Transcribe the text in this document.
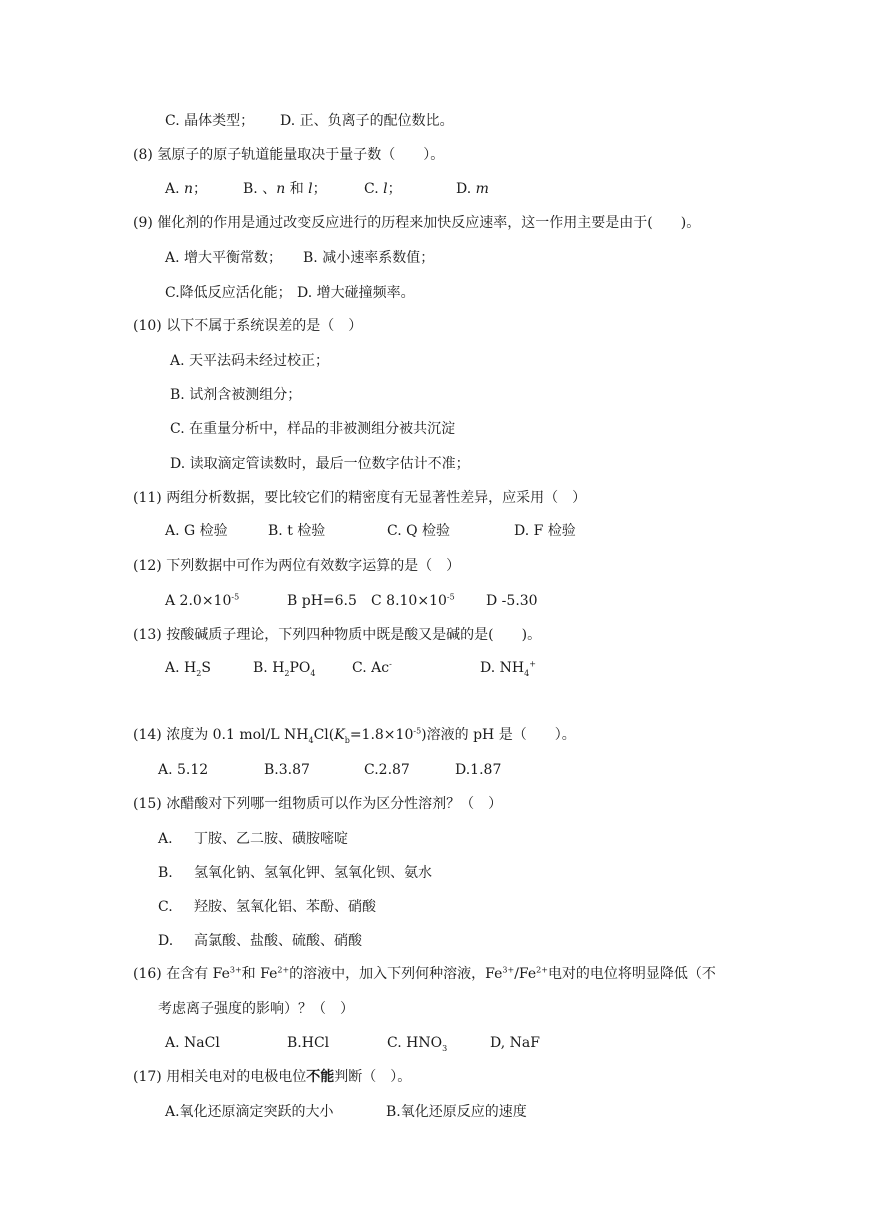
C. 晶体类型； D. 正、负离子的配位数比。
(8) 氢原子的原子轨道能量取决于量子数（　　）。
A. n；	B. 、n 和 l；	C. l；	D. m
(9) 催化剂的作用是通过改变反应进行的历程来加快反应速率，这一作用主要是由于(　　)。
A. 增大平衡常数； B. 减小速率系数值；
C.降低反应活化能； D. 增大碰撞频率。
(10) 以下不属于系统误差的是（　）
A. 天平法码未经过校正；
B. 试剂含被测组分；
C. 在重量分析中，样品的非被测组分被共沉淀
D. 读取滴定管读数时，最后一位数字估计不准；
(11) 两组分析数据，要比较它们的精密度有无显著性差异，应采用（　）
A. G 检验	B. t 检验	C. Q 检验	D. F 检验
(12) 下列数据中可作为两位有效数字运算的是（　）
A $2.0\times 10^{-5}$	B pH=6.5 C $8.10\times 10^{-5}$ D -5.30
(13) 按酸碱质子理论，下列四种物质中既是酸又是碱的是(　　)。
A. $H_2S$	B. $H_2PO_4$	C. Ac-	D. $NH_4^+$
(14) 浓度为 0.1 mol/L $NH_4Cl(K_b=1.8\times 10^{-5})$溶液的 pH 是（　　）。
A. 5.12	B.3.87	C.2.87	D.1.87
(15) 冰醋酸对下列哪一组物质可以作为区分性溶剂？（　）
A. 丁胺、乙二胺、磺胺嘧啶
B. 氢氧化钠、氢氧化钾、氢氧化钡、氨水
C. 羟胺、氢氧化铝、苯酚、硝酸
D. 高氯酸、盐酸、硫酸、硝酸
(16) 在含有 $Fe^{3+}$和 $Fe^{2+}$的溶液中，加入下列何种溶液，$Fe^{3+}/Fe^{2+}$电对的电位将明显降低（不
考虑离子强度的影响）？（　）
A. NaCl	B.HCl	C. $HNO_3$	D, NaF
(17) 用相关电对的电极电位不能判断（　）。
A.氧化还原滴定突跃的大小	B.氧化还原反应的速度
